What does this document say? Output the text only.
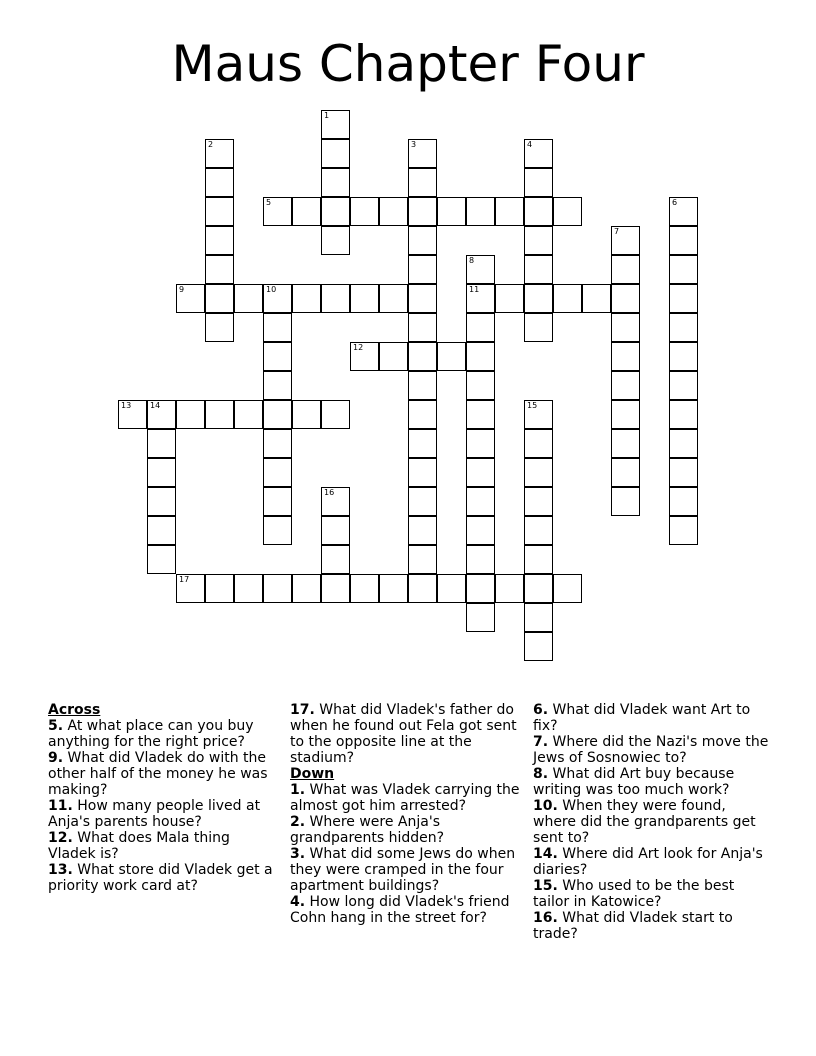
Maus Chapter Four
1
2	3	4
5	6
7
8
11
9	10
12
13 14	15
16
17
Across
5. At what place can you buy anything for the right price?
9. What did Vladek do with the other half of the money he was making?
11. How many people lived at Anja's parents house?
12. What does Mala thing Vladek is?
13. What store did Vladek get a priority work card at?
17. What did Vladek's father do when he found out Fela got sent to the opposite line at the stadium?
Down
1. What was Vladek carrying the almost got him arrested?
2. Where were Anja's grandparents hidden?
3. What did some Jews do when they were cramped in the four apartment buildings?
4. How long did Vladek's friend Cohn hang in the street for?
6. What did Vladek want Art to fix?
7. Where did the Nazi's move the Jews of Sosnowiec to?
8. What did Art buy because writing was too much work?
10. When they were found, where did the grandparents get sent to?
14. Where did Art look for Anja's diaries?
15. Who used to be the best tailor in Katowice?
16. What did Vladek start to trade?
